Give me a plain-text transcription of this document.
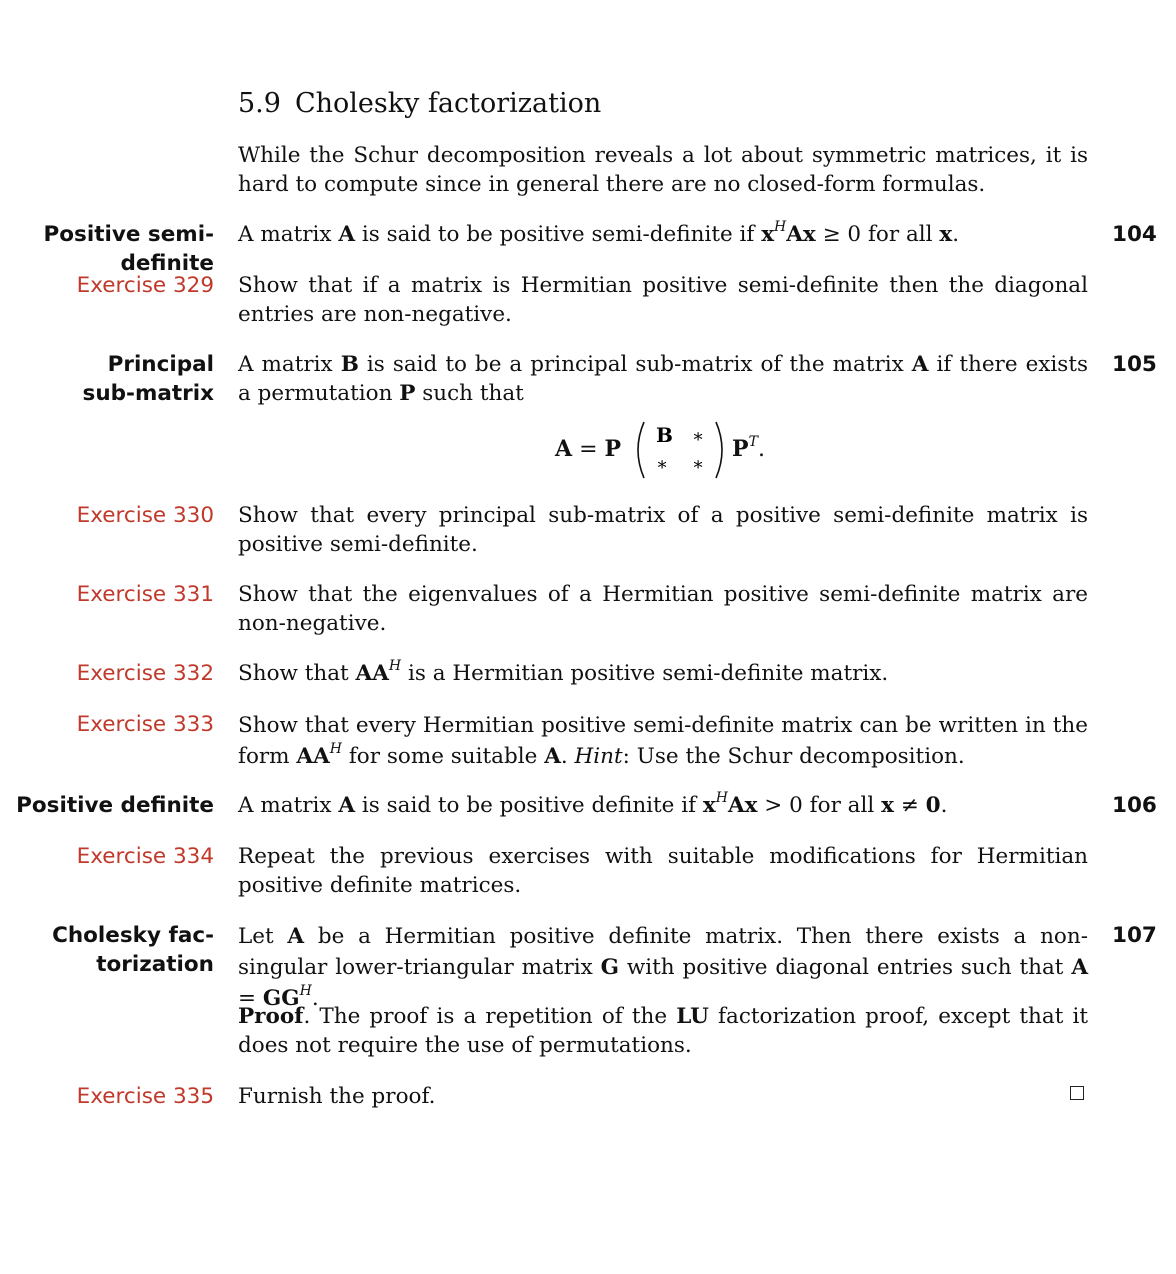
5.9 Cholesky factorization
While the Schur decomposition reveals a lot about symmetric matrices, it is hard to compute since in general there are no closed-form formulas.
Positive semi-
definite
A matrix A is said to be positive semi-definite if $x^HAx \ge 0$ for all x.	104
Exercise 329 Show that if a matrix is Hermitian positive semi-definite then the diagonal entries are non-negative.
Principal
sub-matrix
A matrix B is said to be a principal sub-matrix of the matrix A if there exists a permutation P such that
105
A = P
B ∗
∗ ∗
$P^T$.
Exercise 330 Show that every principal sub-matrix of a positive semi-definite matrix is positive semi-definite.
Exercise 331 Show that the eigenvalues of a Hermitian positive semi-definite matrix are non-negative.
Exercise 332 Show that $AA^H$ is a Hermitian positive semi-definite matrix.
Exercise 333 Show that every Hermitian positive semi-definite matrix can be written in the form $AA^H$ for some suitable A. Hint: Use the Schur decomposition.
Positive definite A matrix A is said to be positive definite if $x^HAx > 0$ for all x ≠ 0.	106
Exercise 334 Repeat the previous exercises with suitable modifications for Hermitian positive definite matrices.
Cholesky fac-
torization
Let A be a Hermitian positive definite matrix. Then there exists a non-singular lower-triangular matrix G with positive diagonal entries such that $A = GG^H$.
107
Proof. The proof is a repetition of the LU factorization proof, except that it does not require the use of permutations.
Exercise 335 Furnish the proof.
